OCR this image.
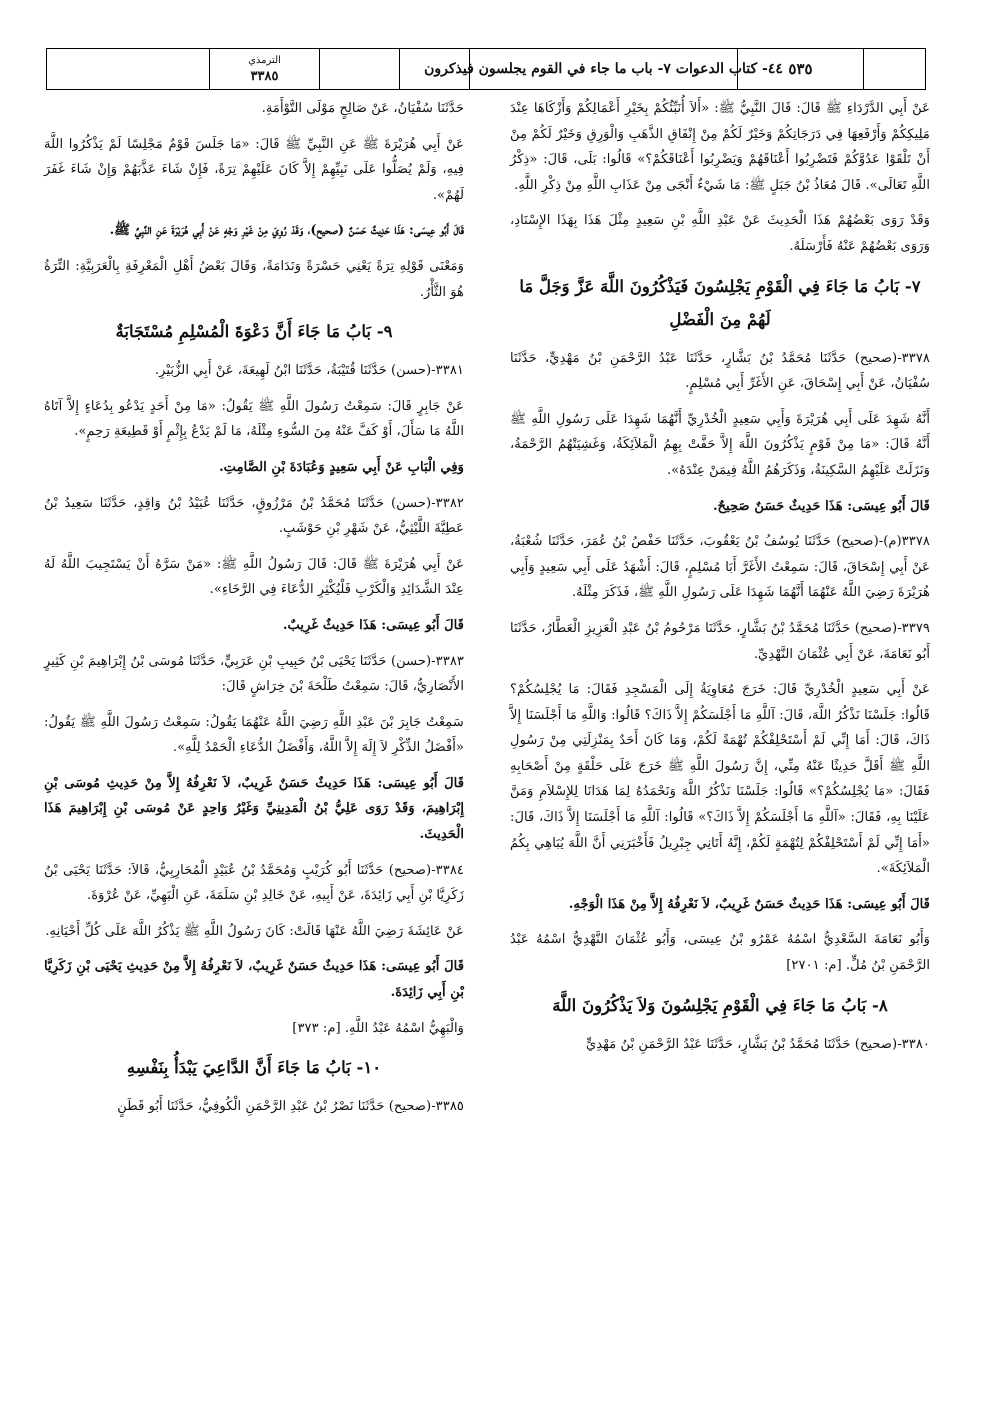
٥٣٥
٤٤- كتاب الدعوات ٧- باب ما جاء في القوم يجلسون فيذكرون
الترمذي
٣٣٨٥

عَنْ أَبِي الدَّرْدَاءِ ﷺ قَالَ: قَالَ النَّبِيُّ ﷺ: «أَلاَ أُنَبِّئُكُمْ بِخَيْرِ أَعْمَالِكُمْ وَأَزْكَاهَا عِنْدَ مَلِيكِكُمْ وَأَرْفَعِهَا فِي دَرَجَاتِكُمْ وَخَيْرٌ لَكُمْ مِنْ إِنْفَاقِ الذَّهَبِ وَالْوَرِقِ وَخَيْرٌ لَكُمْ مِنْ أَنْ تَلْقَوْا عَدُوَّكُمْ فَتَضْرِبُوا أَعْنَاقَهُمْ وَيَضْرِبُوا أَعْنَاقَكُمْ؟» قَالُوا: بَلَى، قَالَ: «ذِكْرُ اللَّهِ تَعَالَى». قَالَ مُعَاذُ بْنُ جَبَلٍ ﷺ: مَا شَيْءٌ أَنْجَى مِنْ عَذَابِ اللَّهِ مِنْ ذِكْرِ اللَّهِ.

وَقَدْ رَوَى بَعْضُهُمْ هَذَا الْحَدِيثَ عَنْ عَبْدِ اللَّهِ بْنِ سَعِيدٍ مِثْلَ هَذَا بِهَذَا الإِسْنَادِ، وَرَوَى بَعْضُهُمْ عَنْهُ فَأَرْسَلَهُ.

٧- بَابُ مَا جَاءَ فِي الْقَوْمِ يَجْلِسُونَ فَيَذْكُرُونَ اللَّهَ عَزَّ وَجَلَّ مَا لَهُمْ مِنَ الْفَضْلِ

٣٣٧٨-(صحيح) حَدَّثَنَا مُحَمَّدُ بْنُ بَشَّارٍ، حَدَّثَنَا عَبْدُ الرَّحْمَنِ بْنُ مَهْدِيٍّ، حَدَّثَنَا سُفْيَانُ، عَنْ أَبِي إِسْحَاقَ، عَنِ الأَغَرِّ أَبِي مُسْلِمٍ.

أَنَّهُ شَهِدَ عَلَى أَبِي هُرَيْرَةَ وَأَبِي سَعِيدٍ الْخُدْرِيِّ أَنَّهُمَا شَهِدَا عَلَى رَسُولِ اللَّهِ ﷺ أَنَّهُ قَالَ: «مَا مِنْ قَوْمٍ يَذْكُرُونَ اللَّهَ إِلاَّ حَفَّتْ بِهِمُ الْمَلاَئِكَةُ، وَغَشِيَتْهُمُ الرَّحْمَةُ، وَنَزَلَتْ عَلَيْهِمُ السَّكِينَةُ، وَذَكَرَهُمُ اللَّهُ فِيمَنْ عِنْدَهُ».

قَالَ أَبُو عِيسَى: هَذَا حَدِيثٌ حَسَنٌ صَحِيحٌ.

٣٣٧٨(م)-(صحيح) حَدَّثَنَا يُوسُفُ بْنُ يَعْقُوبَ، حَدَّثَنَا حَفْصُ بْنُ عُمَرَ، حَدَّثَنَا شُعْبَةُ، عَنْ أَبِي إِسْحَاقَ، قَالَ: سَمِعْتُ الأَغَرَّ أَبَا مُسْلِمٍ، قَالَ: أَشْهَدُ عَلَى أَبِي سَعِيدٍ وَأَبِي هُرَيْرَةَ رَضِيَ اللَّهُ عَنْهُمَا أَنَّهُمَا شَهِدَا عَلَى رَسُولِ اللَّهِ ﷺ، فَذَكَرَ مِثْلَهُ.

٣٣٧٩-(صحيح) حَدَّثَنَا مُحَمَّدُ بْنُ بَشَّارٍ، حَدَّثَنَا مَرْحُومُ بْنُ عَبْدِ الْعَزِيزِ الْعَطَّارُ، حَدَّثَنَا أَبُو نَعَامَةَ، عَنْ أَبِي عُثْمَانَ النَّهْدِيِّ.

عَنْ أَبِي سَعِيدٍ الْخُدْرِيِّ قَالَ: خَرَجَ مُعَاوِيَةُ إِلَى الْمَسْجِدِ فَقَالَ: مَا يُجْلِسُكُمْ؟ قَالُوا: جَلَسْنَا نَذْكُرُ اللَّهَ، قَالَ: آللَّهِ مَا أَجْلَسَكُمْ إِلاَّ ذَاكَ؟ قَالُوا: وَاللَّهِ مَا أَجْلَسَنَا إِلاَّ ذَاكَ، قَالَ: أَمَا إِنِّي لَمْ أَسْتَحْلِفْكُمْ تُهْمَةً لَكُمْ، وَمَا كَانَ أَحَدٌ بِمَنْزِلَتِي مِنْ رَسُولِ اللَّهِ ﷺ أَقَلَّ حَدِيثًا عَنْهُ مِنِّي، إِنَّ رَسُولَ اللَّهِ ﷺ خَرَجَ عَلَى حَلْقَةٍ مِنْ أَصْحَابِهِ فَقَالَ: «مَا يُجْلِسُكُمْ؟» قَالُوا: جَلَسْنَا نَذْكُرُ اللَّهَ وَنَحْمَدُهُ لِمَا هَدَانَا لِلإِسْلاَمِ وَمَنَّ عَلَيْنَا بِهِ، فَقَالَ: «آللَّهِ مَا أَجْلَسَكُمْ إِلاَّ ذَاكَ؟» قَالُوا: آللَّهِ مَا أَجْلَسَنَا إِلاَّ ذَاكَ، قَالَ: «أَمَا إِنِّي لَمْ أَسْتَحْلِفْكُمْ لِتُهْمَةٍ لَكُمْ، إِنَّهُ أَتَانِي جِبْرِيلُ فَأَخْبَرَنِي أَنَّ اللَّهَ يُبَاهِي بِكُمُ الْمَلاَئِكَةَ».

قَالَ أَبُو عِيسَى: هَذَا حَدِيثٌ حَسَنٌ غَرِيبٌ، لاَ نَعْرِفُهُ إِلاَّ مِنْ هَذَا الْوَجْهِ.

وَأَبُو نَعَامَةَ السَّعْدِيُّ اسْمُهُ عَمْرُو بْنُ عِيسَى، وَأَبُو عُثْمَانَ النَّهْدِيُّ اسْمُهُ عَبْدُ الرَّحْمَنِ بْنُ مُلٍّ. [م: ٢٧٠١]

٨- بَابُ مَا جَاءَ فِي الْقَوْمِ يَجْلِسُونَ وَلاَ يَذْكُرُونَ اللَّهَ

٣٣٨٠-(صحيح) حَدَّثَنَا مُحَمَّدُ بْنُ بَشَّارٍ، حَدَّثَنَا عَبْدُ الرَّحْمَنِ بْنُ مَهْدِيٍّ

حَدَّثَنَا سُفْيَانُ، عَنْ صَالِحٍ مَوْلَى التَّوْأَمَةِ.

عَنْ أَبِي هُرَيْرَةَ ﷺ عَنِ النَّبِيِّ ﷺ قَالَ: «مَا جَلَسَ قَوْمٌ مَجْلِسًا لَمْ يَذْكُرُوا اللَّهَ فِيهِ، وَلَمْ يُصَلُّوا عَلَى نَبِيِّهِمْ إِلاَّ كَانَ عَلَيْهِمْ تِرَةً، فَإِنْ شَاءَ عَذَّبَهُمْ وَإِنْ شَاءَ غَفَرَ لَهُمْ».

قَالَ أَبُو عِيسَى: هَذَا حَدِيثٌ حَسَنٌ (صحيح)، وَقَدْ رُوِيَ مِنْ غَيْرِ وَجْهٍ عَنْ أَبِي هُرَيْرَةَ عَنِ النَّبِيِّ ﷺ.

وَمَعْنَى قَوْلِهِ تِرَةً يَعْنِي حَسْرَةً وَنَدَامَةً، وَقَالَ بَعْضُ أَهْلِ الْمَعْرِفَةِ بِالْعَرَبِيَّةِ: التِّرَةُ هُوَ الثَّأْرُ.

٩- بَابُ مَا جَاءَ أَنَّ دَعْوَةَ الْمُسْلِمِ مُسْتَجَابَةٌ

٣٣٨١-(حسن) حَدَّثَنَا قُتَيْبَةُ، حَدَّثَنَا ابْنُ لَهِيعَةَ، عَنْ أَبِي الزُّبَيْرِ.

عَنْ جَابِرٍ قَالَ: سَمِعْتُ رَسُولَ اللَّهِ ﷺ يَقُولُ: «مَا مِنْ أَحَدٍ يَدْعُو بِدُعَاءٍ إِلاَّ آتَاهُ اللَّهُ مَا سَأَلَ، أَوْ كَفَّ عَنْهُ مِنَ السُّوءِ مِثْلَهُ، مَا لَمْ يَدْعُ بِإِثْمٍ أَوْ قَطِيعَةِ رَحِمٍ».

وَفِي الْبَابِ عَنْ أَبِي سَعِيدٍ وَعُبَادَةَ بْنِ الصَّامِتِ.

٣٣٨٢-(حسن) حَدَّثَنَا مُحَمَّدُ بْنُ مَرْزُوقٍ، حَدَّثَنَا عُبَيْدُ بْنُ وَاقِدٍ، حَدَّثَنَا سَعِيدُ بْنُ عَطِيَّةَ اللَّيْثِيُّ، عَنْ شَهْرِ بْنِ حَوْشَبٍ.

عَنْ أَبِي هُرَيْرَةَ ﷺ قَالَ: قَالَ رَسُولُ اللَّهِ ﷺ: «مَنْ سَرَّهُ أَنْ يَسْتَجِيبَ اللَّهُ لَهُ عِنْدَ الشَّدَائِدِ وَالْكَرْبِ فَلْيُكْثِرِ الدُّعَاءَ فِي الرَّخَاءِ».

قَالَ أَبُو عِيسَى: هَذَا حَدِيثٌ غَرِيبٌ.

٣٣٨٣-(حسن) حَدَّثَنَا يَحْيَى بْنُ حَبِيبِ بْنِ عَرَبِيٍّ، حَدَّثَنَا مُوسَى بْنُ إِبْرَاهِيمَ بْنِ كَثِيرٍ الأَنْصَارِيُّ، قَالَ: سَمِعْتُ طَلْحَةَ بْنَ خِرَاشٍ قَالَ:

سَمِعْتُ جَابِرَ بْنَ عَبْدِ اللَّهِ رَضِيَ اللَّهُ عَنْهُمَا يَقُولُ: سَمِعْتُ رَسُولَ اللَّهِ ﷺ يَقُولُ: «أَفْضَلُ الذِّكْرِ لاَ إِلَهَ إِلاَّ اللَّهُ، وَأَفْضَلُ الدُّعَاءِ الْحَمْدُ لِلَّهِ».

قَالَ أَبُو عِيسَى: هَذَا حَدِيثٌ حَسَنٌ غَرِيبٌ، لاَ نَعْرِفُهُ إِلاَّ مِنْ حَدِيثِ مُوسَى بْنِ إِبْرَاهِيمَ، وَقَدْ رَوَى عَلِيُّ بْنُ الْمَدِينِيِّ وَغَيْرُ وَاحِدٍ عَنْ مُوسَى بْنِ إِبْرَاهِيمَ هَذَا الْحَدِيثَ.

٣٣٨٤-(صحيح) حَدَّثَنَا أَبُو كُرَيْبٍ وَمُحَمَّدُ بْنُ عُبَيْدٍ الْمُحَارِبِيُّ، قَالاَ: حَدَّثَنَا يَحْيَى بْنُ زَكَرِيَّا بْنِ أَبِي زَائِدَةَ، عَنْ أَبِيهِ، عَنْ خَالِدِ بْنِ سَلَمَةَ، عَنِ الْبَهِيِّ، عَنْ عُرْوَةَ.

عَنْ عَائِشَةَ رَضِيَ اللَّهُ عَنْهَا قَالَتْ: كَانَ رَسُولُ اللَّهِ ﷺ يَذْكُرُ اللَّهَ عَلَى كُلِّ أَحْيَانِهِ.

قَالَ أَبُو عِيسَى: هَذَا حَدِيثٌ حَسَنٌ غَرِيبٌ، لاَ نَعْرِفُهُ إِلاَّ مِنْ حَدِيثِ يَحْيَى بْنِ زَكَرِيَّا بْنِ أَبِي زَائِدَةَ.

وَالْبَهِيُّ اسْمُهُ عَبْدُ اللَّهِ. [م: ٣٧٣]

١٠- بَابُ مَا جَاءَ أَنَّ الدَّاعِيَ يَبْدَأُ بِنَفْسِهِ

٣٣٨٥-(صحيح) حَدَّثَنَا نَصْرُ بْنُ عَبْدِ الرَّحْمَنِ الْكُوفِيُّ، حَدَّثَنَا أَبُو قَطَنٍ
